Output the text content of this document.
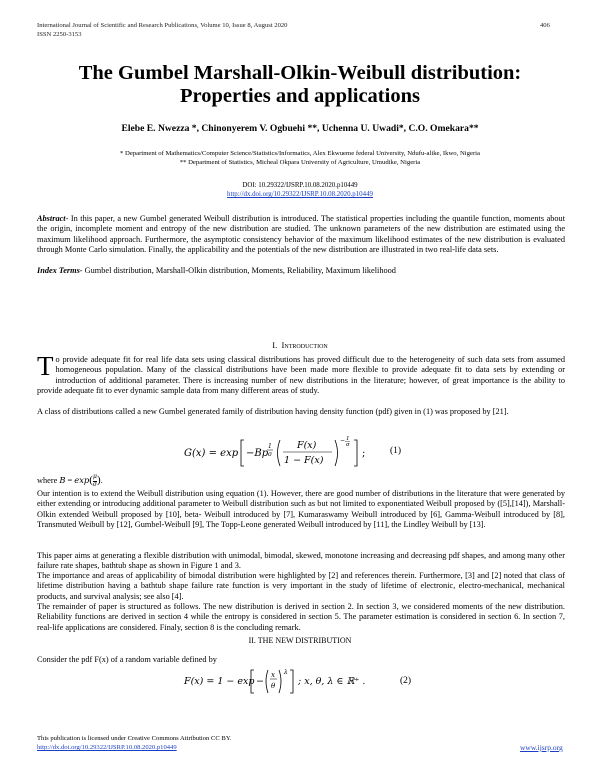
International Journal of Scientific and Research Publications, Volume 10, Issue 8, August 2020
ISSN 2250-3153
406
The Gumbel Marshall-Olkin-Weibull distribution:
Properties and applications
Elebe E. Nwezza *, Chinonyerem V. Ogbuehi **, Uchenna U. Uwadi*, C.O. Omekara**
* Department of Mathematics/Computer Science/Statistics/Informatics, Alex Ekwueme federal University, Ndufu-alike, Ikwo, Nigeria
** Department of Statistics, Micheal Okpara University of Agriculture, Umudike, Nigeria
DOI: 10.29322/IJSRP.10.08.2020.p10449
http://dx.doi.org/10.29322/IJSRP.10.08.2020.p10449
Abstract- In this paper, a new Gumbel generated Weibull distribution is introduced. The statistical properties including the quantile function, moments about the origin, incomplete moment and entropy of the new distribution are studied. The unknown parameters of the new distribution are estimated using the maximum likelihood approach. Furthermore, the asymptotic consistency behavior of the maximum likelihood estimates of the new distribution is evaluated through Monte Carlo simulation. Finally, the applicability and the potentials of the new distribution are illustrated in two real-life data sets.
Index Terms- Gumbel distribution, Marshall-Olkin distribution, Moments, Reliability, Maximum likelihood
I. Introduction
To provide adequate fit for real life data sets using classical distributions has proved difficult due to the heterogeneity of such data sets from assumed homogeneous population. Many of the classical distributions have been made more flexible to provide adequate fit to data sets by extending or introduction of additional parameter. There is increasing number of new distributions in the literature; however, of great importance is the ability to provide adequate fit to ever dynamic sample data from many different areas of study.
A class of distributions called a new Gumbel generated family of distribution having density function (pdf) given in (1) was proposed by [21].
G(x) = exp −Bp
1
σ
F(x)
1 − F(x)
− 1
σ
;	(1)
where $B = \exp(\frac{\mu}{\sigma})$.
Our intention is to extend the Weibull distribution using equation (1). However, there are good number of distributions in the literature that were generated by either extending or introducing additional parameter to Weibull distribution such as but not limited to exponentiated Weibull proposed by ([5],[14]), Marshall-Olkin extended Weibull proposed by [10], beta- Weibull introduced by [7], Kumaraswamy Weibull introduced by [6], Gamma-Weibull introduced by [8], Transmuted Weibull by [12], Gumbel-Weibull [9], The Topp-Leone generated Weibull introduced by [11], the Lindley Weibull by [13].
This paper aims at generating a flexible distribution with unimodal, bimodal, skewed, monotone increasing and decreasing pdf shapes, and among many other failure rate shapes, bathtub shape as shown in Figure 1 and 3.
The importance and areas of applicability of bimodal distribution were highlighted by [2] and references therein. Furthermore, [3] and [2] noted that class of lifetime distribution having a bathtub shape failure rate function is very important in the study of lifetime of electronic, electro-mechanical, mechanical products, and survival analysis; see also [4].
The remainder of paper is structured as follows. The new distribution is derived in section 2. In section 3, we considered moments of the new distribution. Reliability functions are derived in section 4 while the entropy is considered in section 5. The parameter estimation is considered in section 6. In section 7, real-life applications are considered. Finaly, section 8 is the concluding remark.
II. THE NEW DISTRIBUTION
Consider the pdf F(x) of a random variable defined by
F(x) = 1 − exp −
x
θ
λ
; x, θ, λ ∈ ℝ⁺ .	(2)
This publication is licensed under Creative Commons Attribution CC BY.
http://dx.doi.org/10.29322/IJSRP.10.08.2020.p10449	www.ijsrp.org
